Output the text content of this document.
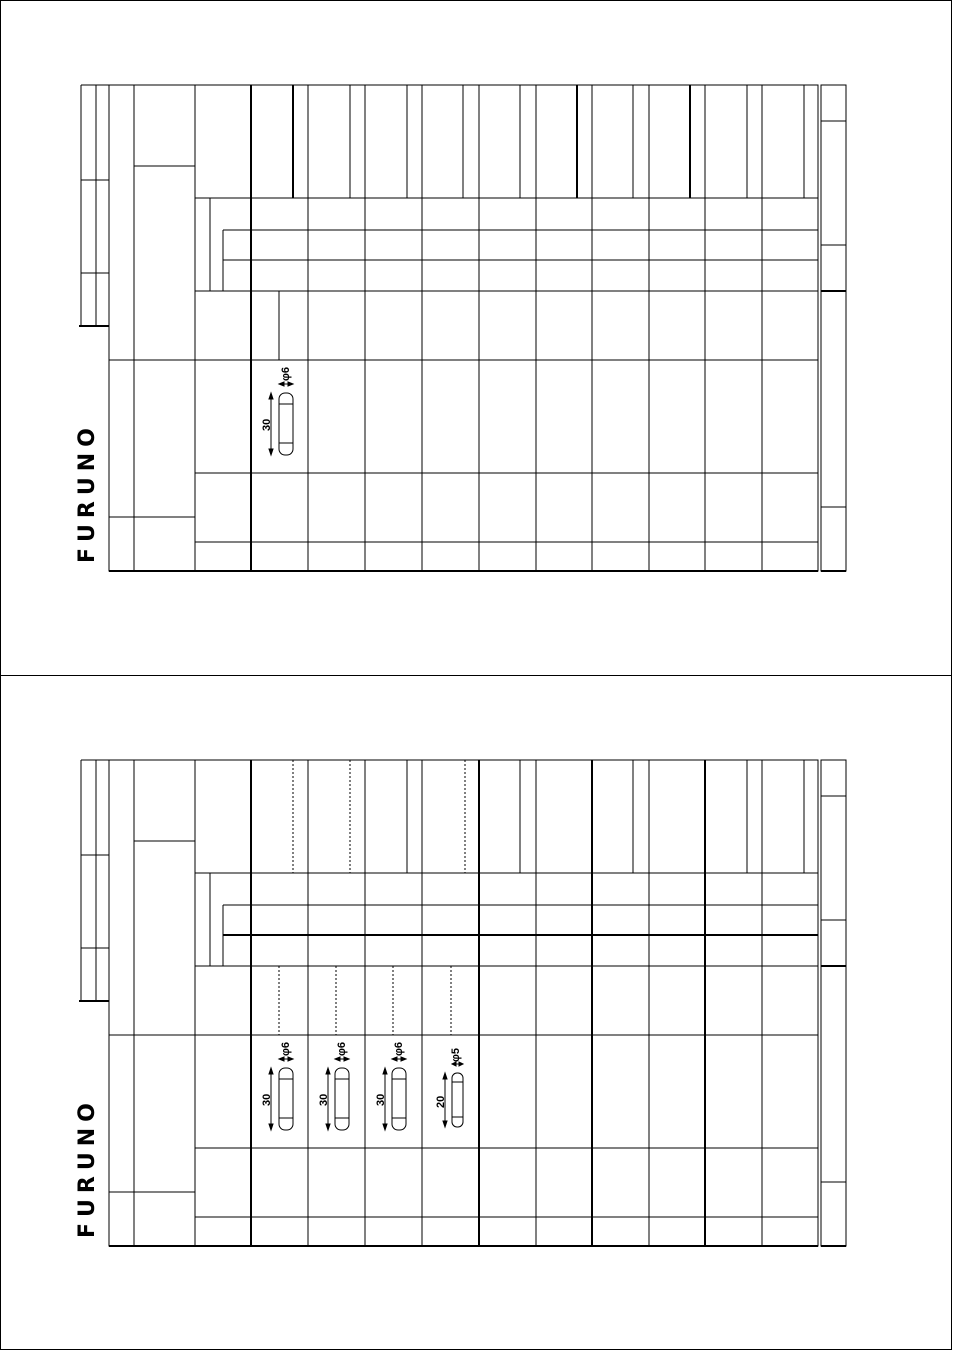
FURUNO	30
φ6
FURUNO	30
φ6
30
φ6
30
φ6
20
φ5
